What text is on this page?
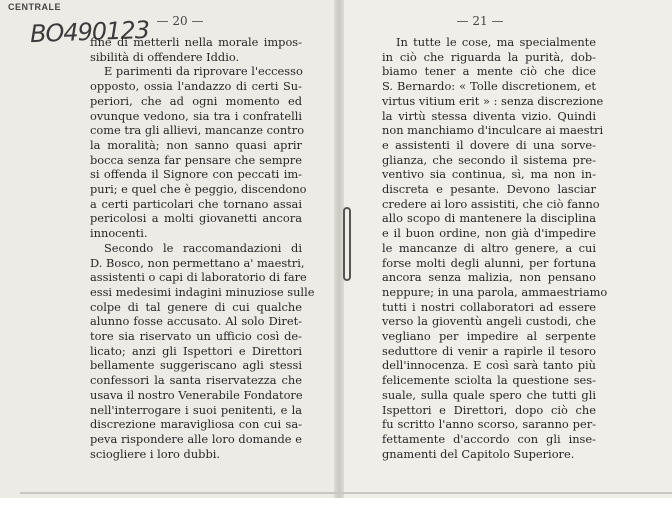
CENTRALE
BO490123 — 20 —	— 21 —
fine di metterli nella morale impos-
sibilità di offendere Iddio.
E parimenti da riprovare l'eccesso
opposto, ossia l'andazzo di certi Su-
periori, che ad ogni momento ed
ovunque vedono, sia tra i confratelli
come tra gli allievi, mancanze contro
la moralità; non sanno quasi aprir
bocca senza far pensare che sempre
si offenda il Signore con peccati im-
puri; e quel che è peggio, discendono
a certi particolari che tornano assai
pericolosi a molti giovanetti ancora
innocenti.
Secondo le raccomandazioni di
D. Bosco, non permettano a' maestri,
assistenti o capi di laboratorio di fare
essi medesimi indagini minuziose sulle
colpe di tal genere di cui qualche
alunno fosse accusato. Al solo Diret-
tore sia riservato un ufficio così de-
licato; anzi gli Ispettori e Direttori
bellamente suggeriscano agli stessi
confessori la santa riservatezza che
usava il nostro Venerabile Fondatore
nell'interrogare i suoi penitenti, e la
discrezione maravigliosa con cui sa-
peva rispondere alle loro domande e
sciogliere i loro dubbi.
In tutte le cose, ma specialmente
in ciò che riguarda la purità, dob-
biamo tener a mente ciò che dice
S. Bernardo: « Tolle discretionem, et
virtus vitium erit » : senza discrezione
la virtù stessa diventa vizio. Quindi
non manchiamo d'inculcare ai maestri
e assistenti il dovere di una sorve-
glianza, che secondo il sistema pre-
ventivo sia continua, sì, ma non in-
discreta e pesante. Devono lasciar
credere ai loro assistiti, che ciò fanno
allo scopo di mantenere la disciplina
e il buon ordine, non già d'impedire
le mancanze di altro genere, a cui
forse molti degli alunni, per fortuna
ancora senza malizia, non pensano
neppure; in una parola, ammaestriamo
tutti i nostri collaboratori ad essere
verso la gioventù angeli custodi, che
vegliano per impedire al serpente
seduttore di venir a rapirle il tesoro
dell'innocenza. E così sarà tanto più
felicemente sciolta la questione ses-
suale, sulla quale spero che tutti gli
Ispettori e Direttori, dopo ciò che
fu scritto l'anno scorso, saranno per-
fettamente d'accordo con gli inse-
gnamenti del Capitolo Superiore.
